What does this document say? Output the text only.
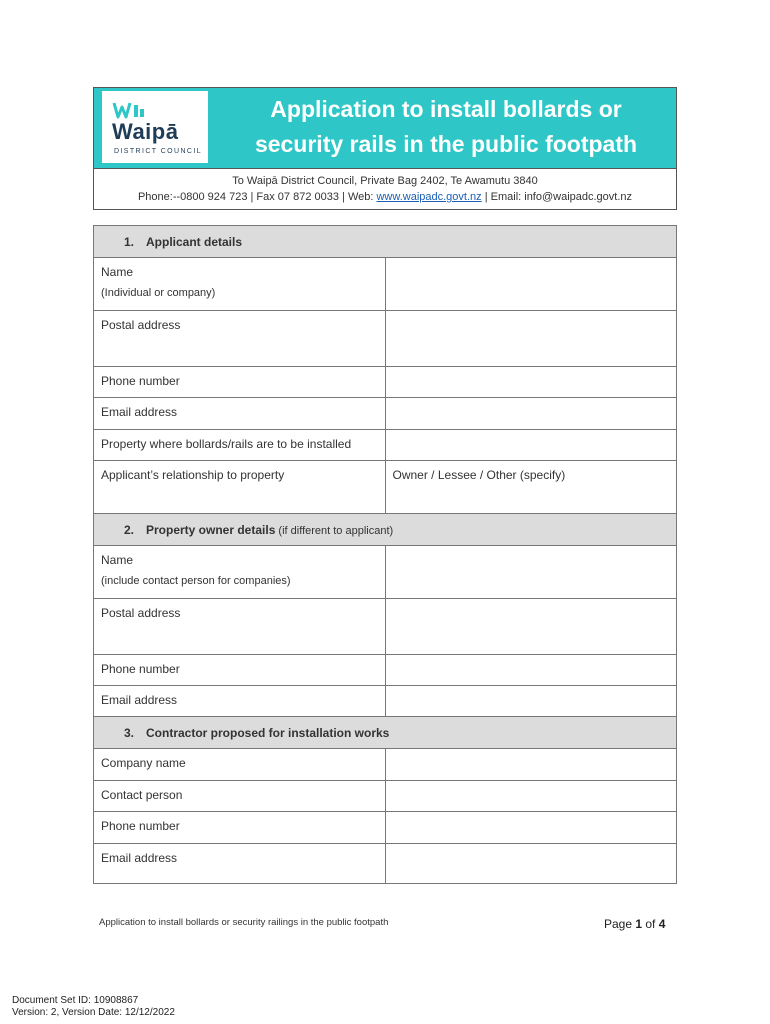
Waipā
DISTRICT COUNCIL
Application to install bollards or
security rails in the public footpath
To Waipā District Council, Private Bag 2402, Te Awamutu 3840
Phone:--0800 924 723 | Fax 07 872 0033 | Web: www.waipadc.govt.nz | Email: info@waipadc.govt.nz
1. Applicant details	
Name
(Individual or company)	

Postal address	
Phone number	
Email address	
Property where bollards/rails are to be installed	
Applicant’s relationship to property	Owner / Lessee / Other (specify)
2. Property owner details (if different to applicant)	
Name
(include contact person for companies)	

Postal address	
Phone number	
Email address	
3. Contractor proposed for installation works	
Company name	
Contact person	
Phone number	
Email address	
Application to install bollards or security railings in the public footpath	Page 1 of 4
Document Set ID: 10908867
Version: 2, Version Date: 12/12/2022
